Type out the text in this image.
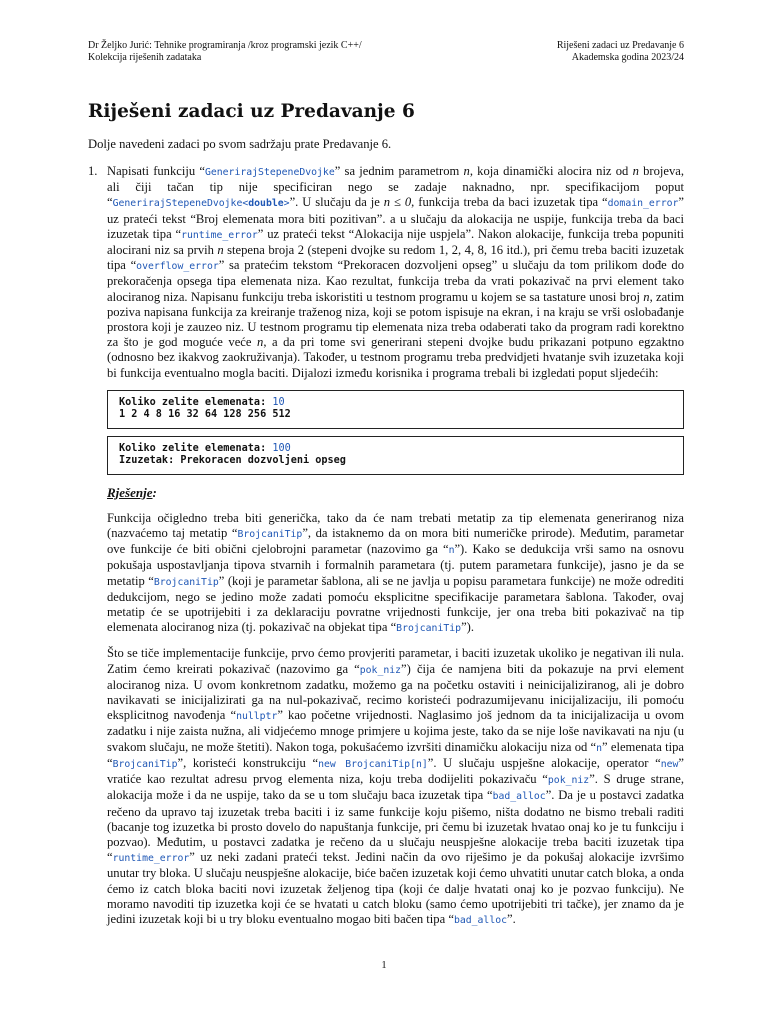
Dr Željko Jurić: Tehnike programiranja /kroz programski jezik C++/
Kolekcija riješenih zadataka
Riješeni zadaci uz Predavanje 6
Akademska godina 2023/24
Riješeni zadaci uz Predavanje 6

Dolje navedeni zadaci po svom sadržaju prate Predavanje 6.

1. Napisati funkciju “GenerirajStepeneDvojke” sa jednim parametrom n, koja dinamički alocira niz od n brojeva, ali čiji tačan tip nije specificiran nego se zadaje naknadno, npr. specifikacijom poput “GenerirajStepeneDvojke<double>”. U slučaju da je n ≤ 0, funkcija treba da baci izuzetak tipa “domain_error” uz prateći tekst “Broj elemenata mora biti pozitivan”. a u slučaju da alokacija ne uspije, funkcija treba da baci izuzetak tipa “runtime_error” uz prateći tekst “Alokacija nije uspjela”. Nakon alokacije, funkcija treba popuniti alocirani niz sa prvih n stepena broja 2 (stepeni dvojke su redom 1, 2, 4, 8, 16 itd.), pri čemu treba baciti izuzetak tipa “overflow_error” sa pratećim tekstom “Prekoracen dozvoljeni opseg” u slučaju da tom prilikom dođe do prekoračenja opsega tipa elemenata niza. Kao rezultat, funkcija treba da vrati pokazivač na prvi element tako alociranog niza. Napisanu funkciju treba iskoristiti u testnom programu u kojem se sa tastature unosi broj n, zatim poziva napisana funkcija za kreiranje traženog niza, koji se potom ispisuje na ekran, i na kraju se vrši oslobađanje prostora koji je zauzeo niz. U testnom programu tip elemenata niza treba odaberati tako da program radi korektno za što je god moguće veće n, a da pri tome svi generirani stepeni dvojke budu prikazani potpuno egzaktno (odnosno bez ikakvog zaokruživanja). Također, u testnom programu treba predvidjeti hvatanje svih izuzetaka koji bi funkcija eventualno mogla baciti. Dijalozi između korisnika i programa trebali bi izgledati poput sljedećih:
Koliko zelite elemenata: 10
1 2 4 8 16 32 64 128 256 512
Koliko zelite elemenata: 100
Izuzetak: Prekoracen dozvoljeni opseg
Rješenje:
Funkcija očigledno treba biti generička, tako da će nam trebati metatip za tip elemenata generiranog niza (nazvaćemo taj metatip “BrojcaniTip”, da istaknemo da on mora biti numeričke prirode). Međutim, parametar ove funkcije će biti obični cjelobrojni parametar (nazovimo ga “n”). Kako se dedukcija vrši samo na osnovu pokušaja uspostavljanja tipova stvarnih i formalnih parametara (tj. putem parametara funkcije), jasno je da se metatip “BrojcaniTip” (koji je parametar šablona, ali se ne javlja u popisu parametara funkcije) ne može odrediti dedukcijom, nego se jedino može zadati pomoću eksplicitne specifikacije parametara šablona. Također, ovaj metatip će se upotrijebiti i za deklaraciju povratne vrijednosti funkcije, jer ona treba biti pokazivač na tip elemenata alociranog niza (tj. pokazivač na objekat tipa “BrojcaniTip”).
Što se tiče implementacije funkcije, prvo ćemo provjeriti parametar, i baciti izuzetak ukoliko je negativan ili nula. Zatim ćemo kreirati pokazivač (nazovimo ga “pok_niz”) čija će namjena biti da pokazuje na prvi element alociranog niza. U ovom konkretnom zadatku, možemo ga na početku ostaviti i neinicijaliziranog, ali je dobro navikavati se inicijalizirati ga na nul-pokazivač, recimo koristeći podrazumijevanu inicijalizaciju, ili pomoću eksplicitnog navođenja “nullptr” kao početne vrijednosti. Naglasimo još jednom da ta inicijalizacija u ovom zadatku i nije zaista nužna, ali vidjećemo mnoge primjere u kojima jeste, tako da se nije loše navikavati na nju (u svakom slučaju, ne može štetiti). Nakon toga, pokušaćemo izvršiti dinamičku alokaciju niza od “n” elemenata tipa “BrojcaniTip”, koristeći konstrukciju “new BrojcaniTip[n]”. U slučaju uspješne alokacije, operator “new” vratiće kao rezultat adresu prvog elementa niza, koju treba dodijeliti pokazivaču “pok_niz”. S druge strane, alokacija može i da ne uspije, tako da se u tom slučaju baca izuzetak tipa “bad_alloc”. Da je u postavci zadatka rečeno da upravo taj izuzetak treba baciti i iz same funkcije koju pišemo, ništa dodatno ne bismo trebali raditi (bacanje tog izuzetka bi prosto dovelo do napuštanja funkcije, pri čemu bi izuzetak hvatao onaj ko je tu funkciju i pozvao). Međutim, u postavci zadatka je rečeno da u slučaju neuspješne alokacije treba baciti izuzetak tipa “runtime_error” uz neki zadani prateći tekst. Jedini način da ovo riješimo je da pokušaj alokacije izvršimo unutar try bloka. U slučaju neuspješne alokacije, biće bačen izuzetak koji ćemo uhvatiti unutar catch bloka, a onda ćemo iz catch bloka baciti novi izuzetak željenog tipa (koji će dalje hvatati onaj ko je pozvao funkciju). Ne moramo navoditi tip izuzetka koji će se hvatati u catch bloku (samo ćemo upotrijebiti tri tačke), jer znamo da je jedini izuzetak koji bi u try bloku eventualno mogao biti bačen tipa “bad_alloc”.
1
